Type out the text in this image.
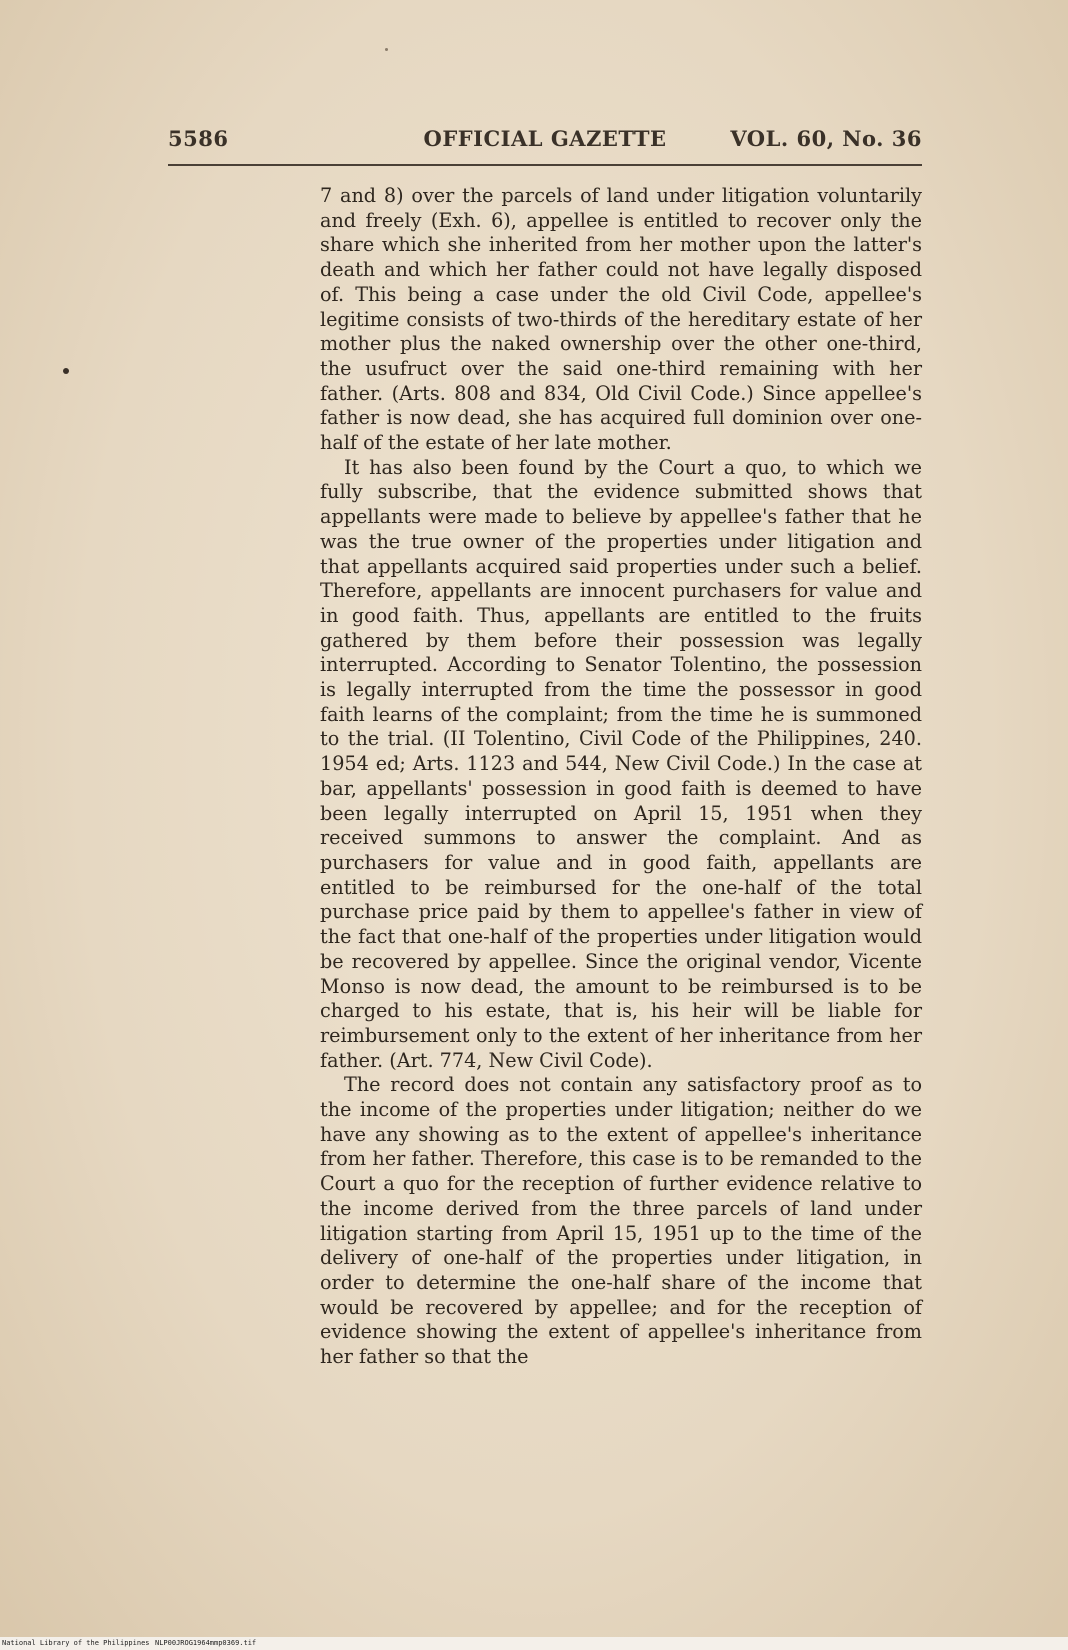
5586	OFFICIAL GAZETTE	VOL. 60, No. 36

7 and 8) over the parcels of land under litigation voluntarily and freely (Exh. 6), appellee is entitled to recover only the share which she inherited from her mother upon the latter's death and which her father could not have legally disposed of. This being a case under the old Civil Code, appellee's legitime consists of two-thirds of the hereditary estate of her mother plus the naked ownership over the other one-third, the usufruct over the said one-third remaining with her father. (Arts. 808 and 834, Old Civil Code.) Since appellee's father is now dead, she has acquired full dominion over one-half of the estate of her late mother.

It has also been found by the Court a quo, to which we fully subscribe, that the evidence submitted shows that appellants were made to believe by appellee's father that he was the true owner of the properties under litigation and that appellants acquired said properties under such a belief. Therefore, appellants are innocent purchasers for value and in good faith. Thus, appellants are entitled to the fruits gathered by them before their possession was legally interrupted. According to Senator Tolentino, the possession is legally interrupted from the time the possessor in good faith learns of the complaint; from the time he is summoned to the trial. (II Tolentino, Civil Code of the Philippines, 240. 1954 ed; Arts. 1123 and 544, New Civil Code.) In the case at bar, appellants' possession in good faith is deemed to have been legally interrupted on April 15, 1951 when they received summons to answer the complaint. And as purchasers for value and in good faith, appellants are entitled to be reimbursed for the one-half of the total purchase price paid by them to appellee's father in view of the fact that one-half of the properties under litigation would be recovered by appellee. Since the original vendor, Vicente Monso is now dead, the amount to be reimbursed is to be charged to his estate, that is, his heir will be liable for reimbursement only to the extent of her inheritance from her father. (Art. 774, New Civil Code).

The record does not contain any satisfactory proof as to the income of the properties under litigation; neither do we have any showing as to the extent of appellee's inheritance from her father. Therefore, this case is to be remanded to the Court a quo for the reception of further evidence relative to the income derived from the three parcels of land under litigation starting from April 15, 1951 up to the time of the delivery of one-half of the properties under litigation, in order to determine the one-half share of the income that would be recovered by appellee; and for the reception of evidence showing the extent of appellee's inheritance from her father so that the

National Library of the Philippines NLP00JROG1964mmp0369.tif
